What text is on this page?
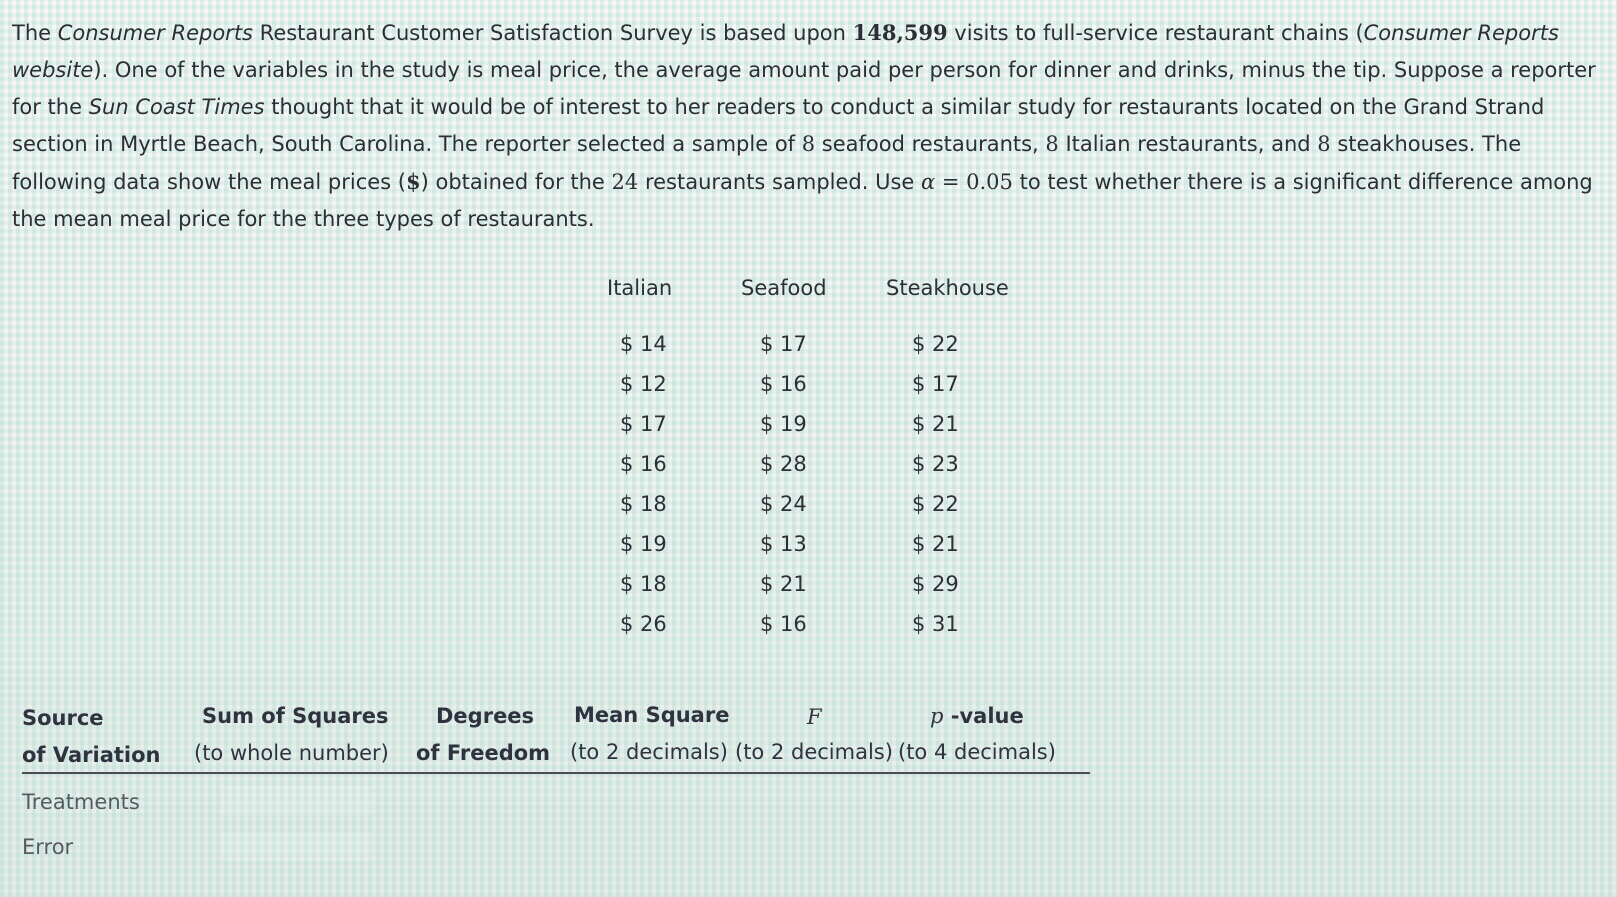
The Consumer Reports Restaurant Customer Satisfaction Survey is based upon 148,599 visits to full-service restaurant chains (Consumer Reports website). One of the variables in the study is meal price, the average amount paid per person for dinner and drinks, minus the tip. Suppose a reporter for the Sun Coast Times thought that it would be of interest to her readers to conduct a similar study for restaurants located on the Grand Strand section in Myrtle Beach, South Carolina. The reporter selected a sample of 8 seafood restaurants, 8 Italian restaurants, and 8 steakhouses. The following data show the meal prices ($) obtained for the 24 restaurants sampled. Use α = 0.05 to test whether there is a significant difference among the mean meal price for the three types of restaurants.
Italian	Seafood	Steakhouse
$ 14
$ 12
$ 17
$ 16
$ 18
$ 19
$ 18
$ 26
$ 17
$ 16
$ 19
$ 28
$ 24
$ 13
$ 21
$ 16
$ 22
$ 17
$ 21
$ 23
$ 22
$ 21
$ 29
$ 31
Source
of Variation
Sum of Squares
(to whole number)
Degrees
of Freedom
Mean Square
(to 2 decimals)
F
(to 2 decimals)
p -value
(to 4 decimals)
Treatments
Error
